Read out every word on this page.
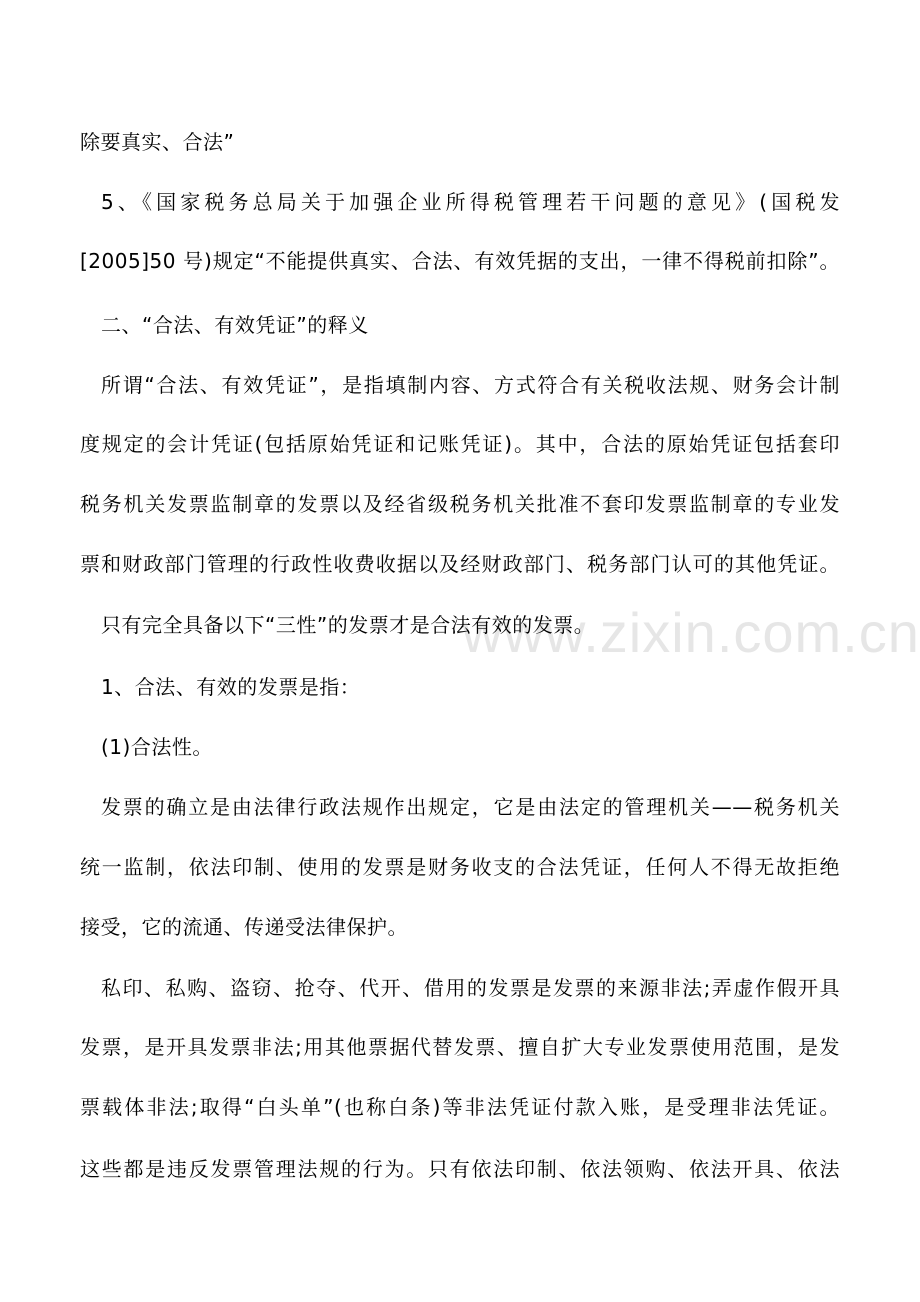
www.zixin.com.cn
除要真实、合法”
5、《国家税务总局关于加强企业所得税管理若干问题的意见》(国税发
[2005]50 号)规定“不能提供真实、合法、有效凭据的支出，一律不得税前扣除”。
二、“合法、有效凭证”的释义
所谓“合法、有效凭证”，是指填制内容、方式符合有关税收法规、财务会计制
度规定的会计凭证(包括原始凭证和记账凭证)。其中，合法的原始凭证包括套印
税务机关发票监制章的发票以及经省级税务机关批准不套印发票监制章的专业发
票和财政部门管理的行政性收费收据以及经财政部门、税务部门认可的其他凭证。
只有完全具备以下“三性”的发票才是合法有效的发票。
1、合法、有效的发票是指：
(1)合法性。
发票的确立是由法律行政法规作出规定，它是由法定的管理机关——税务机关
统一监制，依法印制、使用的发票是财务收支的合法凭证，任何人不得无故拒绝
接受，它的流通、传递受法律保护。
私印、私购、盗窃、抢夺、代开、借用的发票是发票的来源非法;弄虚作假开具
发票，是开具发票非法;用其他票据代替发票、擅自扩大专业发票使用范围，是发
票载体非法;取得“白头单”(也称白条)等非法凭证付款入账，是受理非法凭证。
这些都是违反发票管理法规的行为。只有依法印制、依法领购、依法开具、依法
